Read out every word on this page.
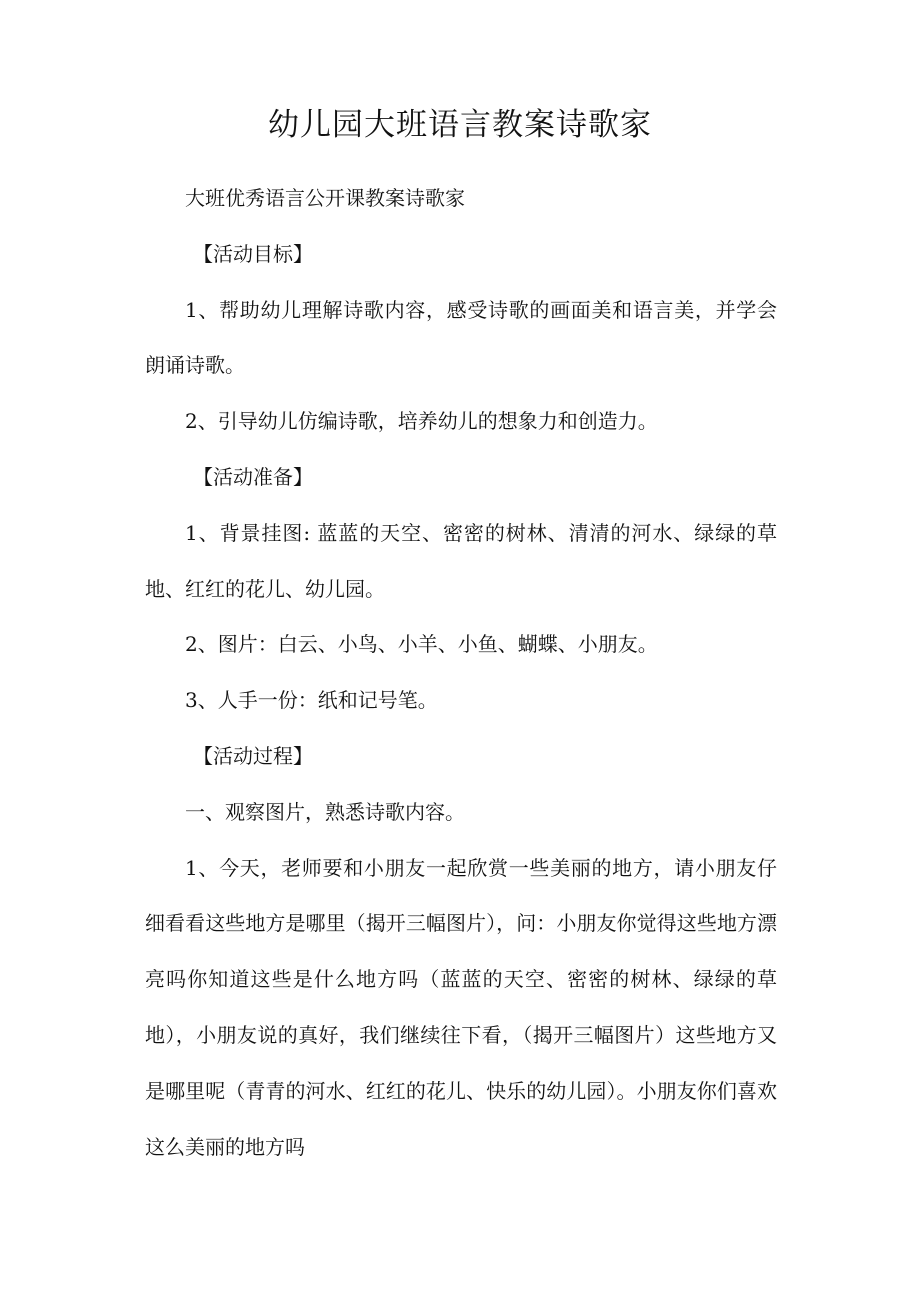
幼儿园大班语言教案诗歌家

大班优秀语言公开课教案诗歌家

【活动目标】

1、帮助幼儿理解诗歌内容，感受诗歌的画面美和语言美，并学会朗诵诗歌。

2、引导幼儿仿编诗歌，培养幼儿的想象力和创造力。

【活动准备】

1、背景挂图: 蓝蓝的天空、密密的树林、清清的河水、绿绿的草地、红红的花儿、幼儿园。

2、图片：白云、小鸟、小羊、小鱼、蝴蝶、小朋友。

3、人手一份：纸和记号笔。

【活动过程】

一、观察图片，熟悉诗歌内容。

1、今天，老师要和小朋友一起欣赏一些美丽的地方，请小朋友仔细看看这些地方是哪里（揭开三幅图片），问：小朋友你觉得这些地方漂亮吗你知道这些是什么地方吗（蓝蓝的天空、密密的树林、绿绿的草地），小朋友说的真好，我们继续往下看，（揭开三幅图片）这些地方又是哪里呢（青青的河水、红红的花儿、快乐的幼儿园）。小朋友你们喜欢这么美丽的地方吗
